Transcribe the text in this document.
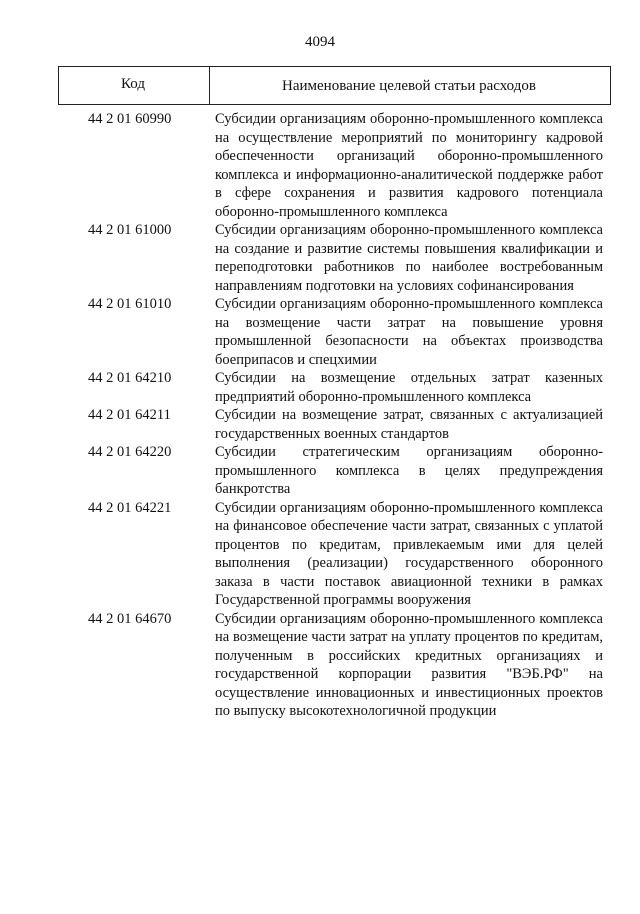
4094
Код	Наименование целевой статьи расходов
44 2 01 60990	Субсидии организациям оборонно-промышленного комплекса на осуществление мероприятий по мониторингу кадровой обеспеченности организаций оборонно-промышленного комплекса и информационно-аналитической поддержке работ в сфере сохранения и развития кадрового потенциала оборонно-промышленного комплекса
44 2 01 61000	Субсидии организациям оборонно-промышленного комплекса на создание и развитие системы повышения квалификации и переподготовки работников по наиболее востребованным направлениям подготовки на условиях софинансирования
44 2 01 61010	Субсидии организациям оборонно-промышленного комплекса на возмещение части затрат на повышение уровня промышленной безопасности на объектах производства боеприпасов и спецхимии
44 2 01 64210	Субсидии на возмещение отдельных затрат казенных предприятий оборонно-промышленного комплекса
44 2 01 64211	Субсидии на возмещение затрат, связанных с актуализацией государственных военных стандартов
44 2 01 64220	Субсидии стратегическим организациям оборонно-промышленного комплекса в целях предупреждения банкротства
44 2 01 64221	Субсидии организациям оборонно-промышленного комплекса на финансовое обеспечение части затрат, связанных с уплатой процентов по кредитам, привлекаемым ими для целей выполнения (реализации) государственного оборонного заказа в части поставок авиационной техники в рамках Государственной программы вооружения
44 2 01 64670	Субсидии организациям оборонно-промышленного комплекса на возмещение части затрат на уплату процентов по кредитам, полученным в российских кредитных организациях и государственной корпорации развития "ВЭБ.РФ" на осуществление инновационных и инвестиционных проектов по выпуску высокотехнологичной продукции
